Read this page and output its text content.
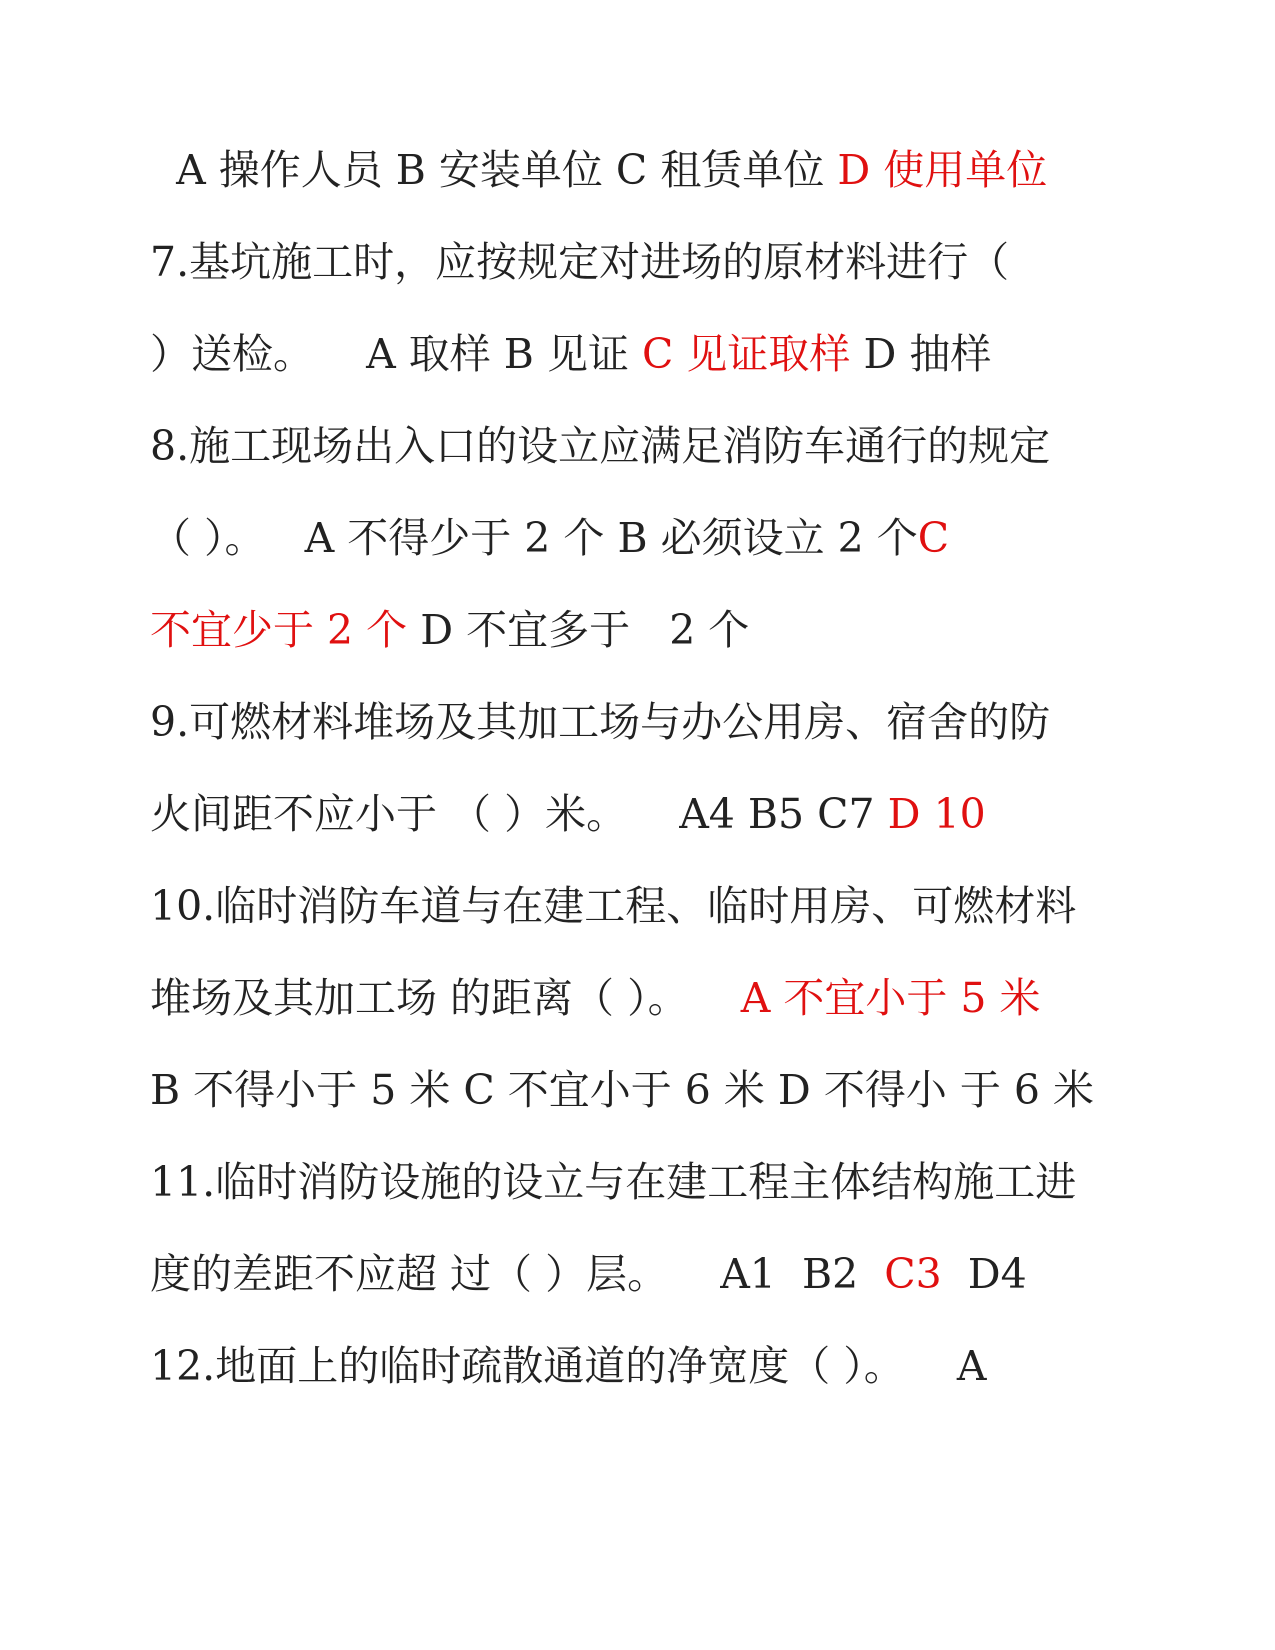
A 操作人员 B 安装单位 C 租赁单位 D 使用单位
7.基坑施工时，应按规定对进场的原材料进行（
）送检。    A 取样 B 见证 C 见证取样 D 抽样
8.施工现场出入口的设立应满足消防车通行的规定
（ ）。   A 不得少于 2 个 B 必须设立 2 个C
不宜少于 2 个 D 不宜多于   2 个
9.可燃材料堆场及其加工场与办公用房、宿舍的防
火间距不应小于 （ ）米。    A4 B5 C7 D 10
10.临时消防车道与在建工程、临时用房、可燃材料
堆场及其加工场 的距离（ ）。    A 不宜小于 5 米
B 不得小于 5 米 C 不宜小于 6 米 D 不得小 于 6 米
11.临时消防设施的设立与在建工程主体结构施工进
度的差距不应超 过（ ）层。    A1  B2  C3  D4
12.地面上的临时疏散通道的净宽度（ ）。    A
